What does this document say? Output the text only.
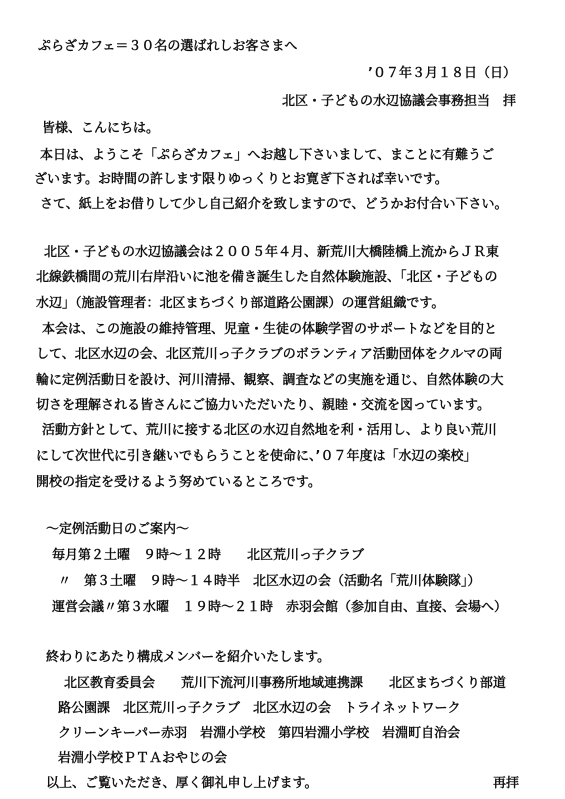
ぷらざカフェ＝３０名の選ばれしお客さまへ
’０７年３月１８日（日）
北区・子どもの水辺協議会事務担当　拝
皆様、こんにちは。
本日は、ようこそ「ぷらざカフェ」へお越し下さいまして、まことに有難うご
ざいます。お時間の許します限りゆっくりとお寛ぎ下されば幸いです。
さて、紙上をお借りして少し自己紹介を致しますので、どうかお付合い下さい。
北区・子どもの水辺協議会は２００５年４月、新荒川大橋陸橋上流からＪＲ東
北線鉄橋間の荒川右岸沿いに池を備き誕生した自然体験施設、「北区・子どもの
水辺」（施設管理者：北区まちづくり部道路公園課）の運営組織です。
本会は、この施設の維持管理、児童・生徒の体験学習のサポートなどを目的と
して、北区水辺の会、北区荒川っ子クラブのボランティア活動団体をクルマの両
輪に定例活動日を設け、河川清掃、観察、調査などの実施を通じ、自然体験の大
切さを理解される皆さんにご協力いただいたり、親睦・交流を図っています。
活動方針として、荒川に接する北区の水辺自然地を利・活用し、より良い荒川
にして次世代に引き継いでもらうことを使命に、’０７年度は「水辺の楽校」
開校の指定を受けるよう努めているところです。
～定例活動日のご案内～
毎月第２土曜　９時～１２時　　北区荒川っ子クラブ
〃　第３土曜　９時～１４時半　北区水辺の会（活動名「荒川体験隊」）
運営会議〃第３水曜　１９時～２１時　赤羽会館（参加自由、直接、会場へ）
終わりにあたり構成メンバーを紹介いたします。
北区教育委員会　　荒川下流河川事務所地域連携課　　北区まちづくり部道
路公園課　北区荒川っ子クラブ　北区水辺の会　トライネットワーク
クリーンキーパー赤羽　岩淵小学校　第四岩淵小学校　岩淵町自治会
岩淵小学校ＰＴＡおやじの会
以上、ご覧いただき、厚く御礼申し上げます。	再拝
